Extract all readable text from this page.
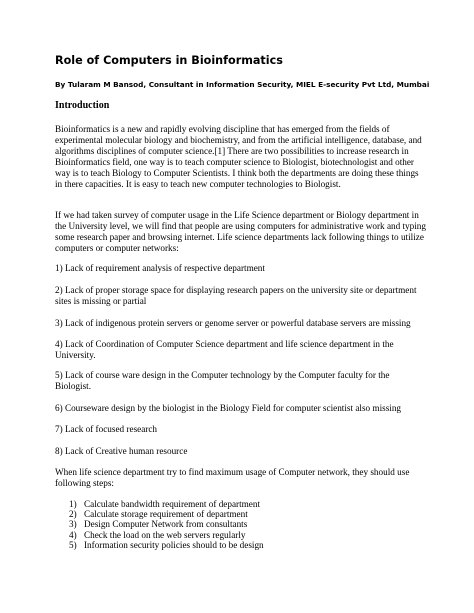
Role of Computers in Bioinformatics
By Tularam M Bansod, Consultant in Information Security, MIEL E-security Pvt Ltd, Mumbai
Introduction

Bioinformatics is a new and rapidly evolving discipline that has emerged from the fields of experimental molecular biology and biochemistry, and from the artificial intelligence, database, and algorithms disciplines of computer science.[1] There are two possibilities to increase research in Bioinformatics field, one way is to teach computer science to Biologist, biotechnologist and other way is to teach Biology to Computer Scientists. I think both the departments are doing these things in there capacities. It is easy to teach new computer technologies to Biologist.

If we had taken survey of computer usage in the Life Science department or Biology department in the University level, we will find that people are using computers for administrative work and typing some research paper and browsing internet. Life science departments lack following things to utilize computers or computer networks:

1) Lack of requirement analysis of respective department

2) Lack of proper storage space for displaying research papers on the university site or department sites is missing or partial

3) Lack of indigenous protein servers or genome server or powerful database servers are missing

4) Lack of Coordination of Computer Science department and life science department in the University.

5) Lack of course ware design in the Computer technology by the Computer faculty for the Biologist.

6) Courseware design by the biologist in the Biology Field for computer scientist also missing

7) Lack of focused research

8) Lack of Creative human resource

When life science department try to find maximum usage of Computer network, they should use following steps:

1) Calculate bandwidth requirement of department
2) Calculate storage requirement of department
3) Design Computer Network from consultants
4) Check the load on the web servers regularly
5) Information security policies should to be design
